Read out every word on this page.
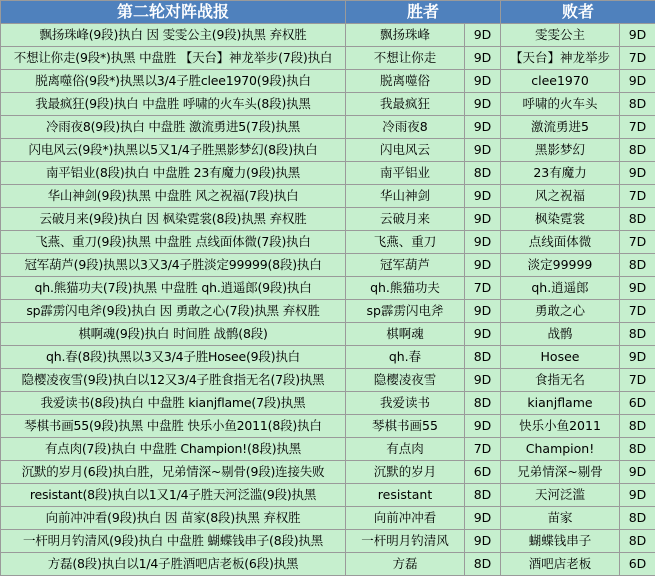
第二轮对阵战报	胜者		败者	
飘扬珠峰(9段)执白 因 雯雯公主(9段)执黑 弃权胜	飘扬珠峰	9D	雯雯公主	9D
不想让你走(9段*)执黑 中盘胜 【天台】神龙举步(7段)执白	不想让你走	9D	【天台】神龙举步	7D
脱离噬俗(9段*)执黑以3/4子胜clee1970(9段)执白	脱离噬俗	9D	clee1970	9D
我最疯狂(9段)执白 中盘胜 呼啸的火车头(8段)执黑	我最疯狂	9D	呼啸的火车头	8D
冷雨夜8(9段)执白 中盘胜 激流勇进5(7段)执黑	冷雨夜8	9D	激流勇进5	7D
闪电风云(9段*)执黑以5又1/4子胜黑影梦幻(8段)执白	闪电风云	9D	黑影梦幻	8D
南平铝业(8段)执白 中盘胜 23有魔力(9段)执黑	南平铝业	8D	23有魔力	9D
华山神剑(9段)执黑 中盘胜 风之祝福(7段)执白	华山神剑	9D	风之祝福	7D
云破月来(9段)执白 因 枫染霓裳(8段)执黑 弃权胜	云破月来	9D	枫染霓裳	8D
飞燕、重刀(9段)执黑 中盘胜 点线面体微(7段)执白	飞燕、重刀	9D	点线面体微	7D
冠军葫芦(9段)执黑以3又3/4子胜淡定99999(8段)执白	冠军葫芦	9D	淡定99999	8D
qh.熊猫功夫(7段)执黑 中盘胜 qh.逍遥郎(9段)执白	qh.熊猫功夫	7D	qh.逍遥郎	9D
sp霹雳闪电斧(9段)执白 因 勇敢之心(7段)执黑 弃权胜	sp霹雳闪电斧	9D	勇敢之心	7D
棋啊魂(9段)执白 时间胜 战鹘(8段)	棋啊魂	9D	战鹘	8D
qh.春(8段)执黑以3又3/4子胜Hosee(9段)执白	qh.春	8D	Hosee	9D
隐樱凌夜雪(9段)执白以12又3/4子胜食指无名(7段)执黑	隐樱凌夜雪	9D	食指无名	7D
我爱读书(8段)执白 中盘胜 kianjflame(7段)执黑	我爱读书	8D	kianjflame	6D
琴棋书画55(9段)执黑 中盘胜 快乐小鱼2011(8段)执白	琴棋书画55	9D	快乐小鱼2011	8D
有点肉(7段)执白 中盘胜 Champion!(8段)执黑	有点肉	7D	Champion!	8D
沉默的岁月(6段)执白胜，兄弟情深~剔骨(9段)连接失败	沉默的岁月	6D	兄弟情深~剔骨	9D
resistant(8段)执白以1又1/4子胜天河泛滥(9段)执黑	resistant	8D	天河泛滥	9D
向前冲冲看(9段)执白 因 苗家(8段)执黑 弃权胜	向前冲冲看	9D	苗家	8D
一杆明月钓清风(9段)执白 中盘胜 蝴蝶钱串子(8段)执黑	一杆明月钓清风	9D	蝴蝶钱串子	8D
方磊(8段)执白以1/4子胜酒吧店老板(6段)执黑	方磊	8D	酒吧店老板	6D
